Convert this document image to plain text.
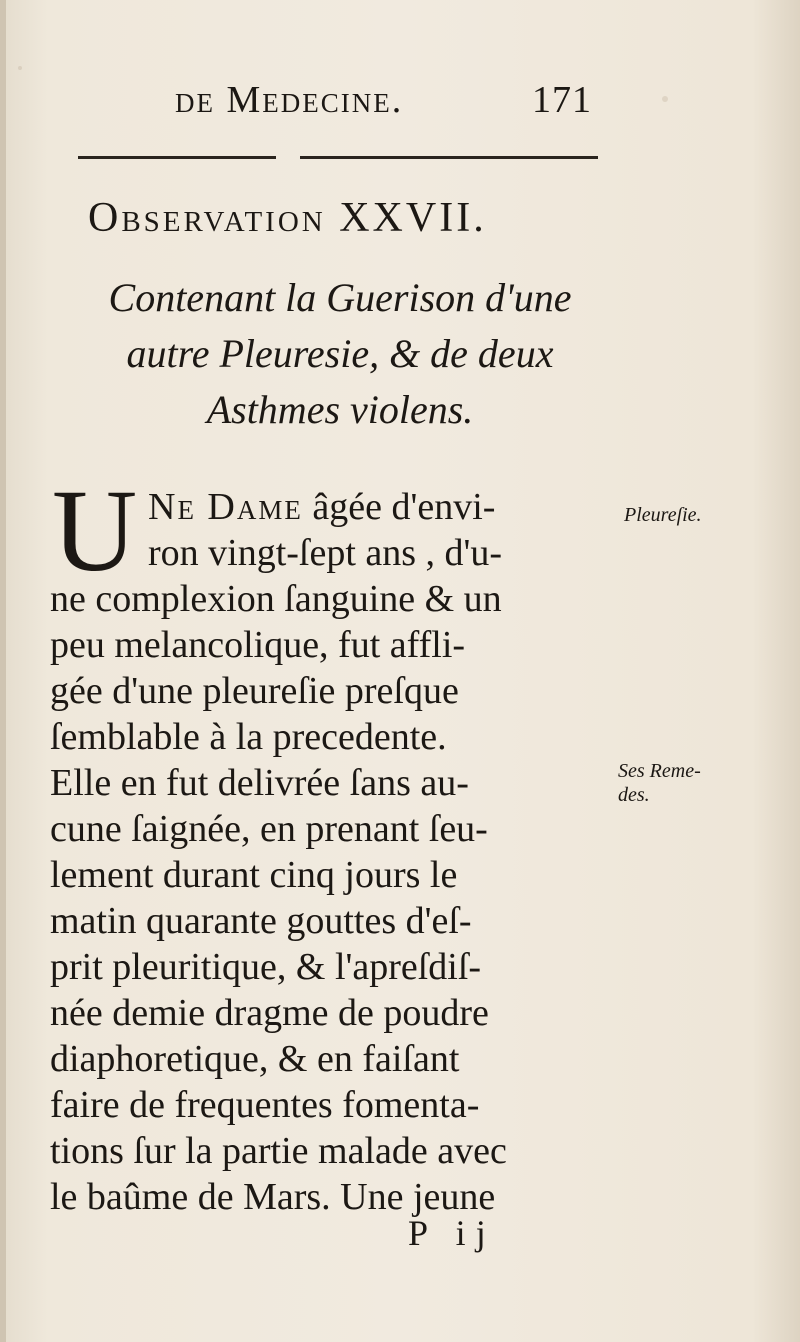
de Medecine.	171
Observation XXVII.
Contenant la Guerison d'une
autre Pleuresie, & de deux
Asthmes violens.
U Ne Dame âgée d'envi-
ron vingt-ſept ans , d'u-
ne complexion ſanguine & un
peu melancolique, fut affli-
gée d'une pleureſie preſque
ſemblable à la precedente.
Elle en fut delivrée ſans au-
cune ſaignée, en prenant ſeu-
lement durant cinq jours le
matin quarante gouttes d'eſ-
prit pleuritique, & l'apreſdiſ-
née demie dragme de poudre
diaphoretique, & en faiſant
faire de frequentes fomenta-
tions ſur la partie malade avec
le baûme de Mars. Une jeune
Pleureſie.
Ses Reme-
des.
P ij
